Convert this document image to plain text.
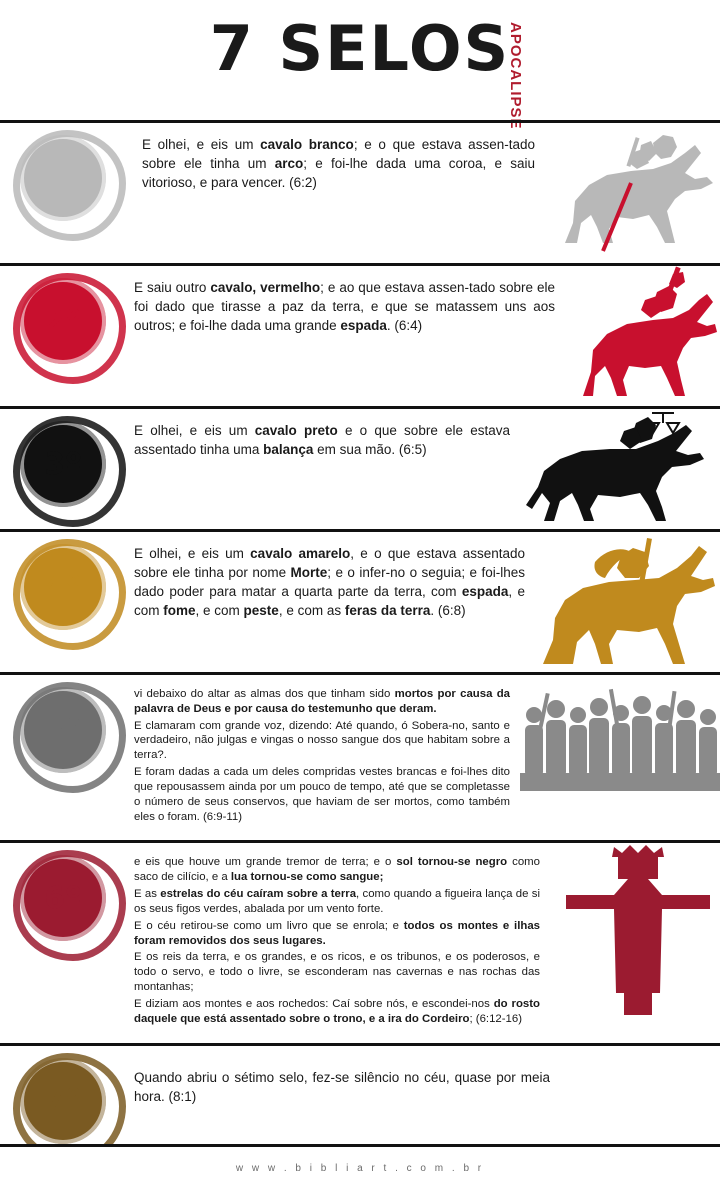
7 SELOS
APOCALIPSE
1º

E olhei, e eis um cavalo branco; e o que estava assen-tado sobre ele tinha um arco; e foi-lhe dada uma coroa, e saiu vitorioso, e para vencer. (6:2)

2º

E saiu outro cavalo, vermelho; e ao que estava assen-tado sobre ele foi dado que tirasse a paz da terra, e que se matassem uns aos outros; e foi-lhe dada uma grande espada. (6:4)

3º

E olhei, e eis um cavalo preto e o que sobre ele estava assentado tinha uma balança em sua mão. (6:5)

4º

E olhei, e eis um cavalo amarelo, e o que estava assentado sobre ele tinha por nome Morte; e o infer-no o seguia; e foi-lhes dado poder para matar a quarta parte da terra, com espada, e com fome, e com peste, e com as feras da terra. (6:8)

5º

vi debaixo do altar as almas dos que tinham sido mortos por causa da palavra de Deus e por causa do testemunho que deram.

E clamaram com grande voz, dizendo: Até quando, ó Sobera-no, santo e verdadeiro, não julgas e vingas o nosso sangue dos que habitam sobre a terra?.

E foram dadas a cada um deles compridas vestes brancas e foi-lhes dito que repousassem ainda por um pouco de tempo, até que se completasse o número de seus conservos, que haviam de ser mortos, como também eles o foram. (6:9-11)

6º

e eis que houve um grande tremor de terra; e o sol tornou-se negro como saco de cilício, e a lua tornou-se como sangue;

E as estrelas do céu caíram sobre a terra, como quando a figueira lança de si os seus figos verdes, abalada por um vento forte.

E o céu retirou-se como um livro que se enrola; e todos os montes e ilhas foram removidos dos seus lugares.

E os reis da terra, e os grandes, e os ricos, e os tribunos, e os poderosos, e todo o servo, e todo o livre, se esconderam nas cavernas e nas rochas das montanhas;

E diziam aos montes e aos rochedos: Caí sobre nós, e escondei-nos do rosto daquele que está assentado sobre o trono, e a ira do Cordeiro; (6:12-16)

7º

Quando abriu o sétimo selo, fez-se silêncio no céu, quase por meia hora. (8:1)

w w w . b i b l i a r t . c o m . b r
